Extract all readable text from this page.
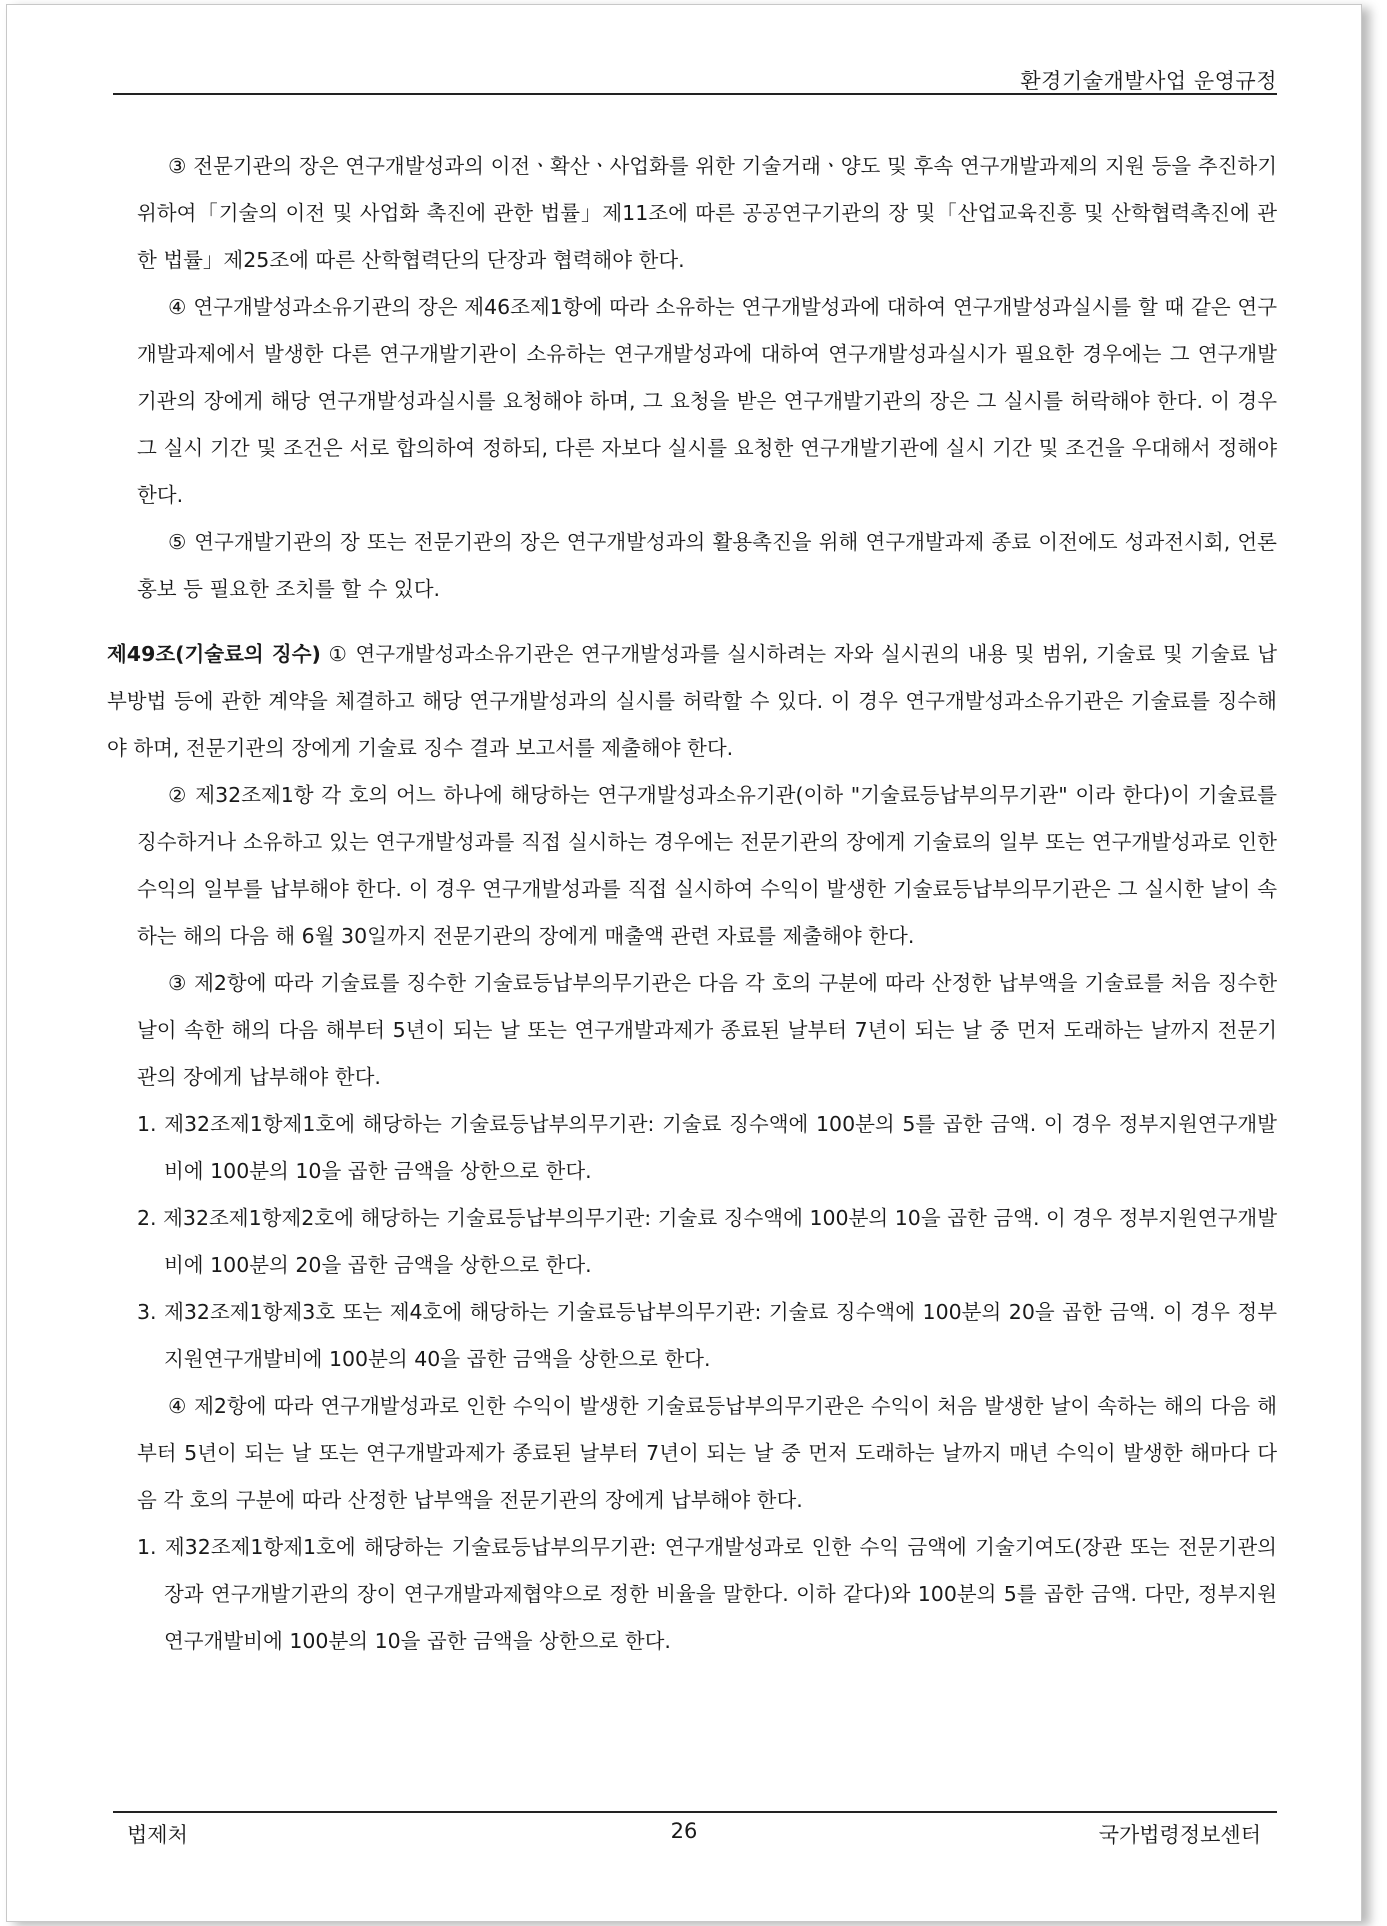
환경기술개발사업 운영규정

③ 전문기관의 장은 연구개발성과의 이전ㆍ확산ㆍ사업화를 위한 기술거래ㆍ양도 및 후속 연구개발과제의 지원 등을 추진하기 위하여「기술의 이전 및 사업화 촉진에 관한 법률」제11조에 따른 공공연구기관의 장 및「산업교육진흥 및 산학협력촉진에 관한 법률」제25조에 따른 산학협력단의 단장과 협력해야 한다.

④ 연구개발성과소유기관의 장은 제46조제1항에 따라 소유하는 연구개발성과에 대하여 연구개발성과실시를 할 때 같은 연구개발과제에서 발생한 다른 연구개발기관이 소유하는 연구개발성과에 대하여 연구개발성과실시가 필요한 경우에는 그 연구개발기관의 장에게 해당 연구개발성과실시를 요청해야 하며, 그 요청을 받은 연구개발기관의 장은 그 실시를 허락해야 한다. 이 경우 그 실시 기간 및 조건은 서로 합의하여 정하되, 다른 자보다 실시를 요청한 연구개발기관에 실시 기간 및 조건을 우대해서 정해야 한다.

⑤ 연구개발기관의 장 또는 전문기관의 장은 연구개발성과의 활용촉진을 위해 연구개발과제 종료 이전에도 성과전시회, 언론홍보 등 필요한 조치를 할 수 있다.

제49조(기술료의 징수) ① 연구개발성과소유기관은 연구개발성과를 실시하려는 자와 실시권의 내용 및 범위, 기술료 및 기술료 납부방법 등에 관한 계약을 체결하고 해당 연구개발성과의 실시를 허락할 수 있다. 이 경우 연구개발성과소유기관은 기술료를 징수해야 하며, 전문기관의 장에게 기술료 징수 결과 보고서를 제출해야 한다.

② 제32조제1항 각 호의 어느 하나에 해당하는 연구개발성과소유기관(이하 "기술료등납부의무기관" 이라 한다)이 기술료를 징수하거나 소유하고 있는 연구개발성과를 직접 실시하는 경우에는 전문기관의 장에게 기술료의 일부 또는 연구개발성과로 인한 수익의 일부를 납부해야 한다. 이 경우 연구개발성과를 직접 실시하여 수익이 발생한 기술료등납부의무기관은 그 실시한 날이 속하는 해의 다음 해 6월 30일까지 전문기관의 장에게 매출액 관련 자료를 제출해야 한다.

③ 제2항에 따라 기술료를 징수한 기술료등납부의무기관은 다음 각 호의 구분에 따라 산정한 납부액을 기술료를 처음 징수한 날이 속한 해의 다음 해부터 5년이 되는 날 또는 연구개발과제가 종료된 날부터 7년이 되는 날 중 먼저 도래하는 날까지 전문기관의 장에게 납부해야 한다.

1. 제32조제1항제1호에 해당하는 기술료등납부의무기관: 기술료 징수액에 100분의 5를 곱한 금액. 이 경우 정부지원연구개발비에 100분의 10을 곱한 금액을 상한으로 한다.

2. 제32조제1항제2호에 해당하는 기술료등납부의무기관: 기술료 징수액에 100분의 10을 곱한 금액. 이 경우 정부지원연구개발비에 100분의 20을 곱한 금액을 상한으로 한다.

3. 제32조제1항제3호 또는 제4호에 해당하는 기술료등납부의무기관: 기술료 징수액에 100분의 20을 곱한 금액. 이 경우 정부지원연구개발비에 100분의 40을 곱한 금액을 상한으로 한다.

④ 제2항에 따라 연구개발성과로 인한 수익이 발생한 기술료등납부의무기관은 수익이 처음 발생한 날이 속하는 해의 다음 해부터 5년이 되는 날 또는 연구개발과제가 종료된 날부터 7년이 되는 날 중 먼저 도래하는 날까지 매년 수익이 발생한 해마다 다음 각 호의 구분에 따라 산정한 납부액을 전문기관의 장에게 납부해야 한다.

1. 제32조제1항제1호에 해당하는 기술료등납부의무기관: 연구개발성과로 인한 수익 금액에 기술기여도(장관 또는 전문기관의 장과 연구개발기관의 장이 연구개발과제협약으로 정한 비율을 말한다. 이하 같다)와 100분의 5를 곱한 금액. 다만, 정부지원연구개발비에 100분의 10을 곱한 금액을 상한으로 한다.

법제처	26	국가법령정보센터
